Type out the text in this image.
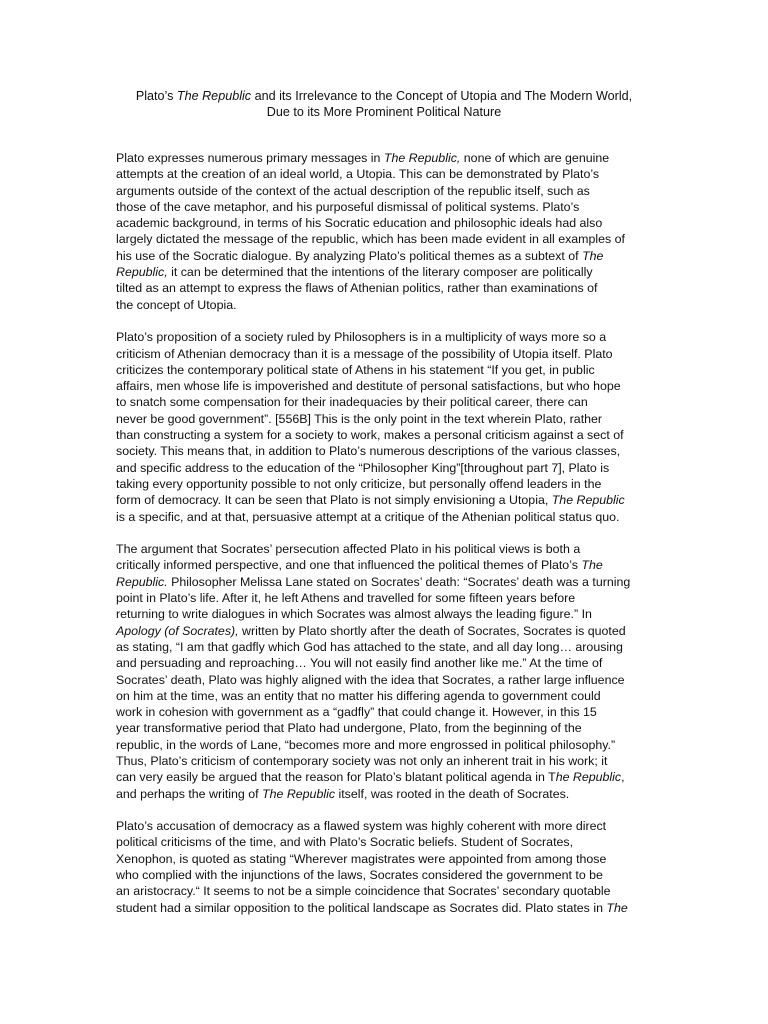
Plato’s The Republic and its Irrelevance to the Concept of Utopia and The Modern World,
Due to its More Prominent Political Nature

Plato expresses numerous primary messages in The Republic, none of which are genuine
attempts at the creation of an ideal world, a Utopia. This can be demonstrated by Plato’s
arguments outside of the context of the actual description of the republic itself, such as
those of the cave metaphor, and his purposeful dismissal of political systems. Plato’s
academic background, in terms of his Socratic education and philosophic ideals had also
largely dictated the message of the republic, which has been made evident in all examples of
his use of the Socratic dialogue. By analyzing Plato’s political themes as a subtext of The
Republic, it can be determined that the intentions of the literary composer are politically
tilted as an attempt to express the flaws of Athenian politics, rather than examinations of
the concept of Utopia.

Plato’s proposition of a society ruled by Philosophers is in a multiplicity of ways more so a
criticism of Athenian democracy than it is a message of the possibility of Utopia itself. Plato
criticizes the contemporary political state of Athens in his statement “If you get, in public
affairs, men whose life is impoverished and destitute of personal satisfactions, but who hope
to snatch some compensation for their inadequacies by their political career, there can
never be good government”. [556B] This is the only point in the text wherein Plato, rather
than constructing a system for a society to work, makes a personal criticism against a sect of
society. This means that, in addition to Plato’s numerous descriptions of the various classes,
and specific address to the education of the “Philosopher King”[throughout part 7], Plato is
taking every opportunity possible to not only criticize, but personally offend leaders in the
form of democracy. It can be seen that Plato is not simply envisioning a Utopia, The Republic
is a specific, and at that, persuasive attempt at a critique of the Athenian political status quo.

The argument that Socrates’ persecution affected Plato in his political views is both a
critically informed perspective, and one that influenced the political themes of Plato’s The
Republic. Philosopher Melissa Lane stated on Socrates’ death: “Socrates’ death was a turning
point in Plato’s life. After it, he left Athens and travelled for some fifteen years before
returning to write dialogues in which Socrates was almost always the leading figure.” In
Apology (of Socrates), written by Plato shortly after the death of Socrates, Socrates is quoted
as stating, “I am that gadfly which God has attached to the state, and all day long… arousing
and persuading and reproaching… You will not easily find another like me.” At the time of
Socrates’ death, Plato was highly aligned with the idea that Socrates, a rather large influence
on him at the time, was an entity that no matter his differing agenda to government could
work in cohesion with government as a “gadfly” that could change it. However, in this 15
year transformative period that Plato had undergone, Plato, from the beginning of the
republic, in the words of Lane, “becomes more and more engrossed in political philosophy.”
Thus, Plato’s criticism of contemporary society was not only an inherent trait in his work; it
can very easily be argued that the reason for Plato’s blatant political agenda in The Republic,
and perhaps the writing of The Republic itself, was rooted in the death of Socrates.

Plato’s accusation of democracy as a flawed system was highly coherent with more direct
political criticisms of the time, and with Plato’s Socratic beliefs. Student of Socrates,
Xenophon, is quoted as stating “Wherever magistrates were appointed from among those
who complied with the injunctions of the laws, Socrates considered the government to be
an aristocracy.“ It seems to not be a simple coincidence that Socrates’ secondary quotable
student had a similar opposition to the political landscape as Socrates did. Plato states in The
